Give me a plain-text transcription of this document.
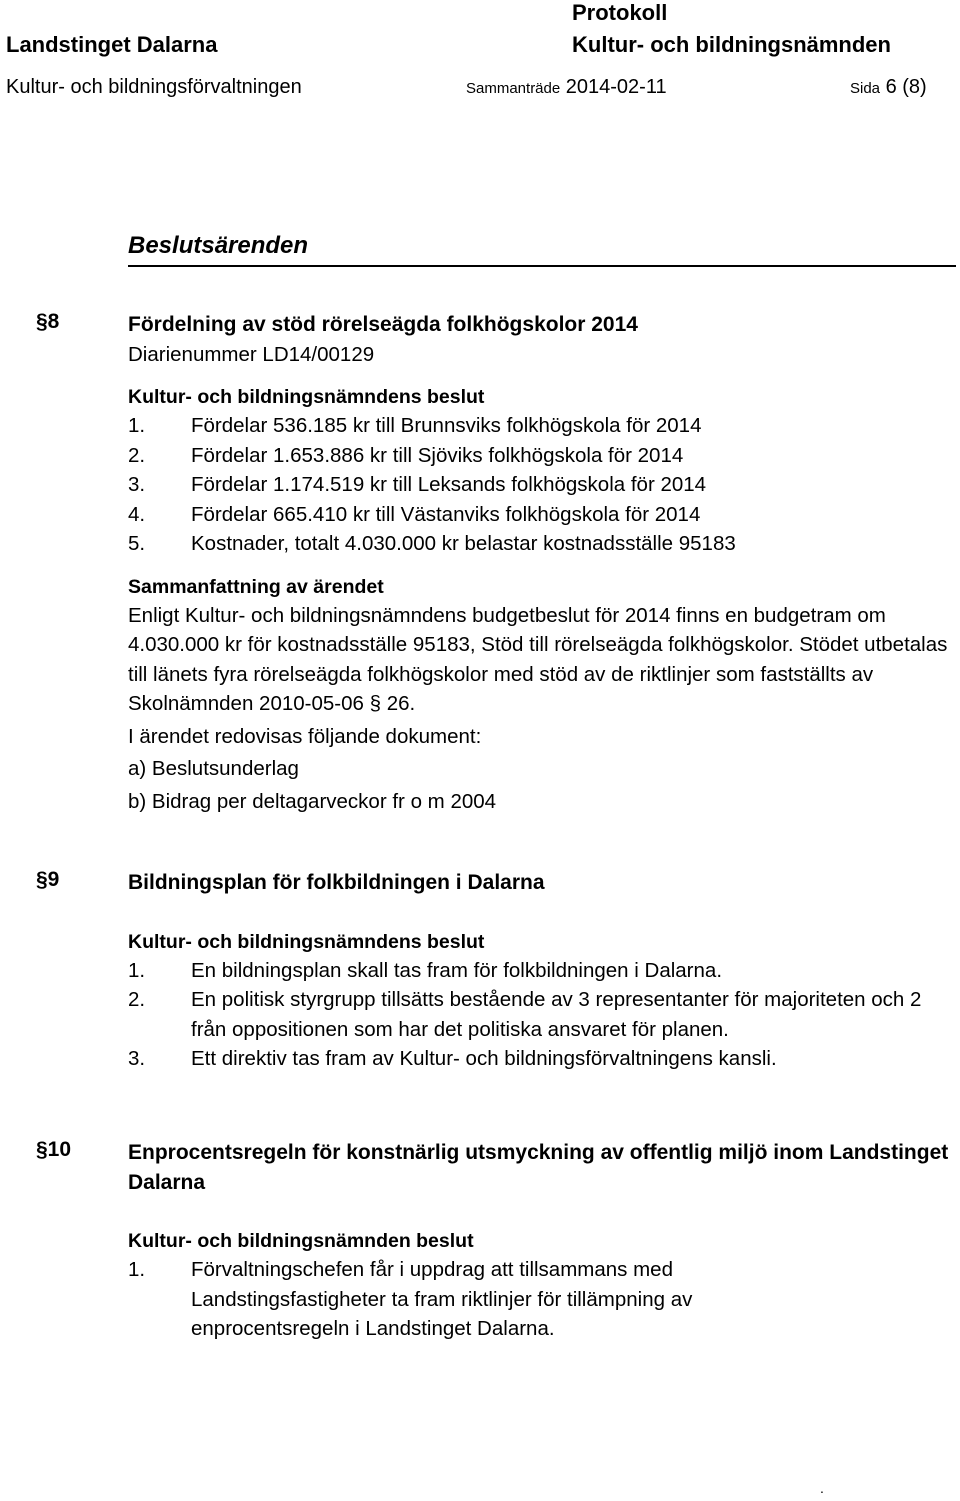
Landstinget Dalarna
Protokoll
Kultur- och bildningsnämnden
Kultur- och bildningsförvaltningen	Sammanträde 2014-02-11	Sida 6 (8)
Beslutsärenden
§8	Fördelning av stöd rörelseägda folkhögskolor 2014
Diarienummer LD14/00129
Kultur- och bildningsnämndens beslut
1.	Fördelar 536.185 kr till Brunnsviks folkhögskola för 2014
2.	Fördelar 1.653.886 kr till Sjöviks folkhögskola för 2014
3.	Fördelar 1.174.519 kr till Leksands folkhögskola för 2014
4.	Fördelar 665.410 kr till Västanviks folkhögskola för 2014
5.	Kostnader, totalt 4.030.000 kr belastar kostnadsställe 95183
Sammanfattning av ärendet

Enligt Kultur- och bildningsnämndens budgetbeslut för 2014 finns en budgetram om 4.030.000 kr för kostnadsställe 95183, Stöd till rörelseägda folkhögskolor. Stödet utbetalas till länets fyra rörelseägda folkhögskolor med stöd av de riktlinjer som fastställts av Skolnämnden 2010-05-06 § 26.

I ärendet redovisas följande dokument:
a) Beslutsunderlag
b) Bidrag per deltagarveckor fr o m 2004
§9	Bildningsplan för folkbildningen i Dalarna
Kultur- och bildningsnämndens beslut
1.	En bildningsplan skall tas fram för folkbildningen i Dalarna.
2.	En politisk styrgrupp tillsätts bestående av 3 representanter för majoriteten och 2 från oppositionen som har det politiska ansvaret för planen.
3.	Ett direktiv tas fram av Kultur- och bildningsförvaltningens kansli.
§10	Enprocentsregeln för konstnärlig utsmyckning av offentlig miljö inom Landstinget Dalarna
Kultur- och bildningsnämnden beslut
1.	Förvaltningschefen får i uppdrag att tillsammans med Landstingsfastigheter ta fram riktlinjer för tillämpning av enprocentsregeln i Landstinget Dalarna.
.
